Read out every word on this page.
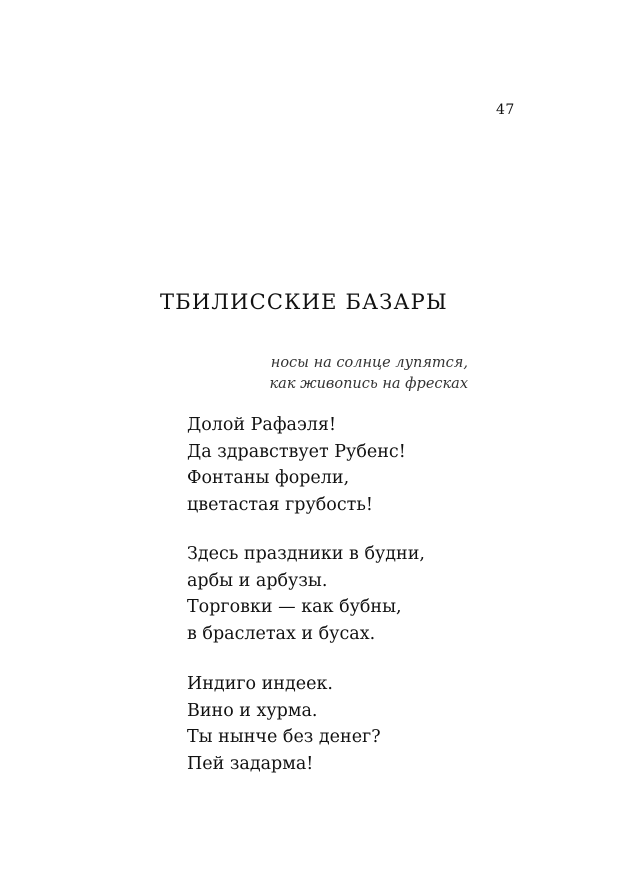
47
ТБИЛИССКИЕ БАЗАРЫ
носы на солнце лупятся,
как живопись на фресках
Долой Рафаэля!
Да здравствует Рубенс!
Фонтаны форели,
цветастая грубость!
Здесь праздники в будни,
арбы и арбузы.
Торговки — как бубны,
в браслетах и бусах.
Индиго индеек.
Вино и хурма.
Ты нынче без денег?
Пей задарма!
